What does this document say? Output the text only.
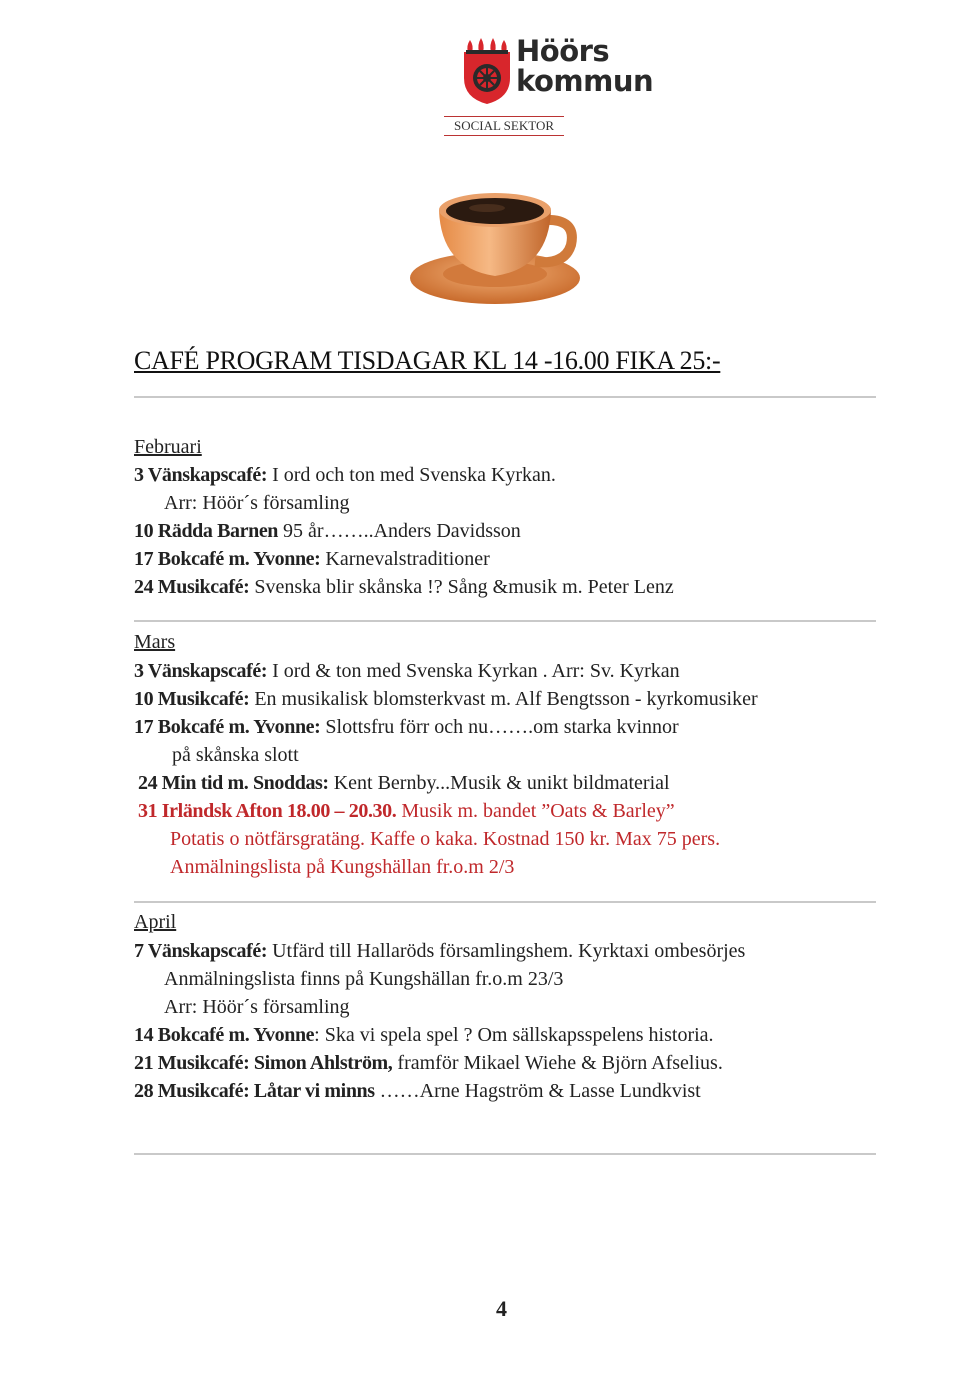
Höörs
kommun
SOCIAL SEKTOR
CAFÉ PROGRAM TISDAGAR KL 14 -16.00 FIKA 25:-
Februari
3 Vänskapscafé: I ord och ton med Svenska Kyrkan.
Arr: Höör´s församling
10 Rädda Barnen 95 år……..Anders Davidsson
17 Bokcafé m. Yvonne: Karnevalstraditioner
24 Musikcafé: Svenska blir skånska !? Sång &musik m. Peter Lenz
Mars
3 Vänskapscafé: I ord & ton med Svenska Kyrkan . Arr: Sv. Kyrkan
10 Musikcafé: En musikalisk blomsterkvast m. Alf Bengtsson - kyrkomusiker
17 Bokcafé m. Yvonne: Slottsfru förr och nu…….om starka kvinnor
på skånska slott
24 Min tid m. Snoddas: Kent Bernby...Musik & unikt bildmaterial
31 Irländsk Afton 18.00 – 20.30. Musik m. bandet ”Oats & Barley”
Potatis o nötfärsgratäng. Kaffe o kaka. Kostnad 150 kr. Max 75 pers.
Anmälningslista på Kungshällan fr.o.m 2/3
April
7 Vänskapscafé: Utfärd till Hallaröds församlingshem. Kyrktaxi ombesörjes
Anmälningslista finns på Kungshällan fr.o.m 23/3
Arr: Höör´s församling
14 Bokcafé m. Yvonne: Ska vi spela spel ? Om sällskapsspelens historia.
21 Musikcafé: Simon Ahlström, framför Mikael Wiehe & Björn Afselius.
28 Musikcafé: Låtar vi minns ……Arne Hagström & Lasse Lundkvist
4
